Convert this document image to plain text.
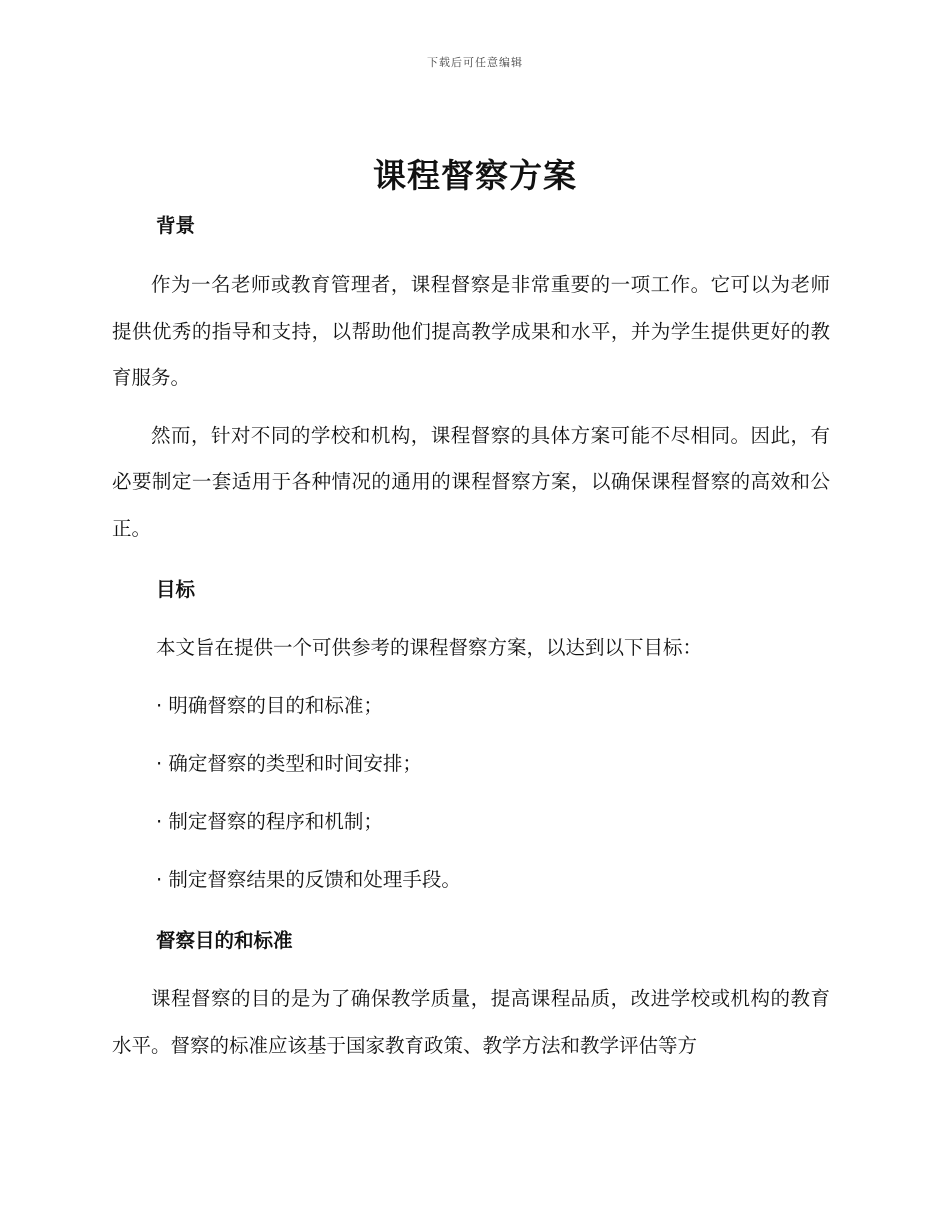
下载后可任意编辑
课程督察方案
背景

作为一名老师或教育管理者，课程督察是非常重要的一项工作。它可以为老师提供优秀的指导和支持，以帮助他们提高教学成果和水平，并为学生提供更好的教育服务。

然而，针对不同的学校和机构，课程督察的具体方案可能不尽相同。因此，有必要制定一套适用于各种情况的通用的课程督察方案，以确保课程督察的高效和公正。

目标

本文旨在提供一个可供参考的课程督察方案，以达到以下目标：

· 明确督察的目的和标准；

· 确定督察的类型和时间安排；

· 制定督察的程序和机制；

· 制定督察结果的反馈和处理手段。

督察目的和标准

课程督察的目的是为了确保教学质量，提高课程品质，改进学校或机构的教育水平。督察的标准应该基于国家教育政策、教学方法和教学评估等方
